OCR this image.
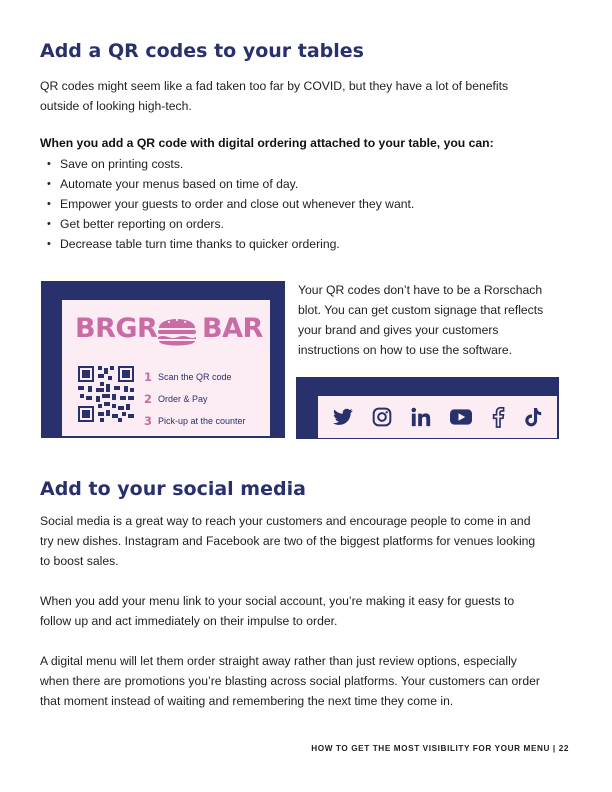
Add a QR codes to your tables

QR codes might seem like a fad taken too far by COVID, but they have a lot of benefits

outside of looking high-tech.

When you add a QR code with digital ordering attached to your table, you can:
• Save on printing costs.
• Automate your menus based on time of day.
• Empower your guests to order and close out whenever they want.
• Get better reporting on orders.
• Decrease table turn time thanks to quicker ordering.
BRGR BAR
1 Scan the QR code
2 Order & Pay
3 Pick-up at the counter

Your QR codes don’t have to be a Rorschach

blot. You can get custom signage that reflects

your brand and gives your customers

instructions on how to use the software.

Add to your social media

Social media is a great way to reach your customers and encourage people to come in and

try new dishes. Instagram and Facebook are two of the biggest platforms for venues looking

to boost sales.

When you add your menu link to your social account, you’re making it easy for guests to

follow up and act immediately on their impulse to order.

A digital menu will let them order straight away rather than just review options, especially

when there are promotions you’re blasting across social platforms. Your customers can order

that moment instead of waiting and remembering the next time they come in.

HOW TO GET THE MOST VISIBILITY FOR YOUR MENU | 22
